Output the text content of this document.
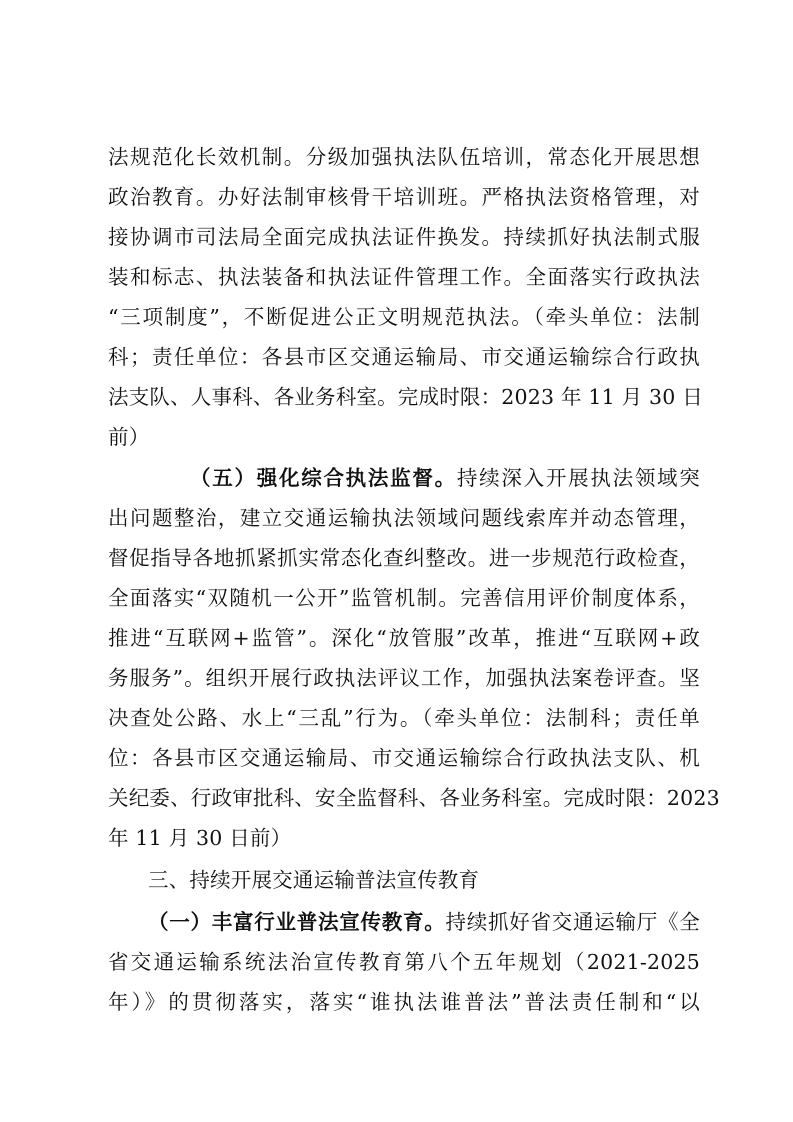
法规范化长效机制。分级加强执法队伍培训，常态化开展思想
政治教育。办好法制审核骨干培训班。严格执法资格管理，对
接协调市司法局全面完成执法证件换发。持续抓好执法制式服
装和标志、执法装备和执法证件管理工作。全面落实行政执法
“三项制度”，不断促进公正文明规范执法。（牵头单位：法制
科；责任单位：各县市区交通运输局、市交通运输综合行政执
法支队、人事科、各业务科室。完成时限：2023 年 11 月 30 日
前）
（五）强化综合执法监督。持续深入开展执法领域突
出问题整治，建立交通运输执法领域问题线索库并动态管理，
督促指导各地抓紧抓实常态化查纠整改。进一步规范行政检查，
全面落实“双随机一公开”监管机制。完善信用评价制度体系，
推进“互联网+监管”。深化“放管服”改革，推进“互联网+政
务服务”。组织开展行政执法评议工作，加强执法案卷评查。坚
决查处公路、水上“三乱”行为。（牵头单位：法制科；责任单
位：各县市区交通运输局、市交通运输综合行政执法支队、机
关纪委、行政审批科、安全监督科、各业务科室。完成时限：2023
年 11 月 30 日前）
三、持续开展交通运输普法宣传教育
（一）丰富行业普法宣传教育。持续抓好省交通运输厅《全
省交通运输系统法治宣传教育第八个五年规划（2021-2025
年）》的贯彻落实，落实“谁执法谁普法”普法责任制和“以
